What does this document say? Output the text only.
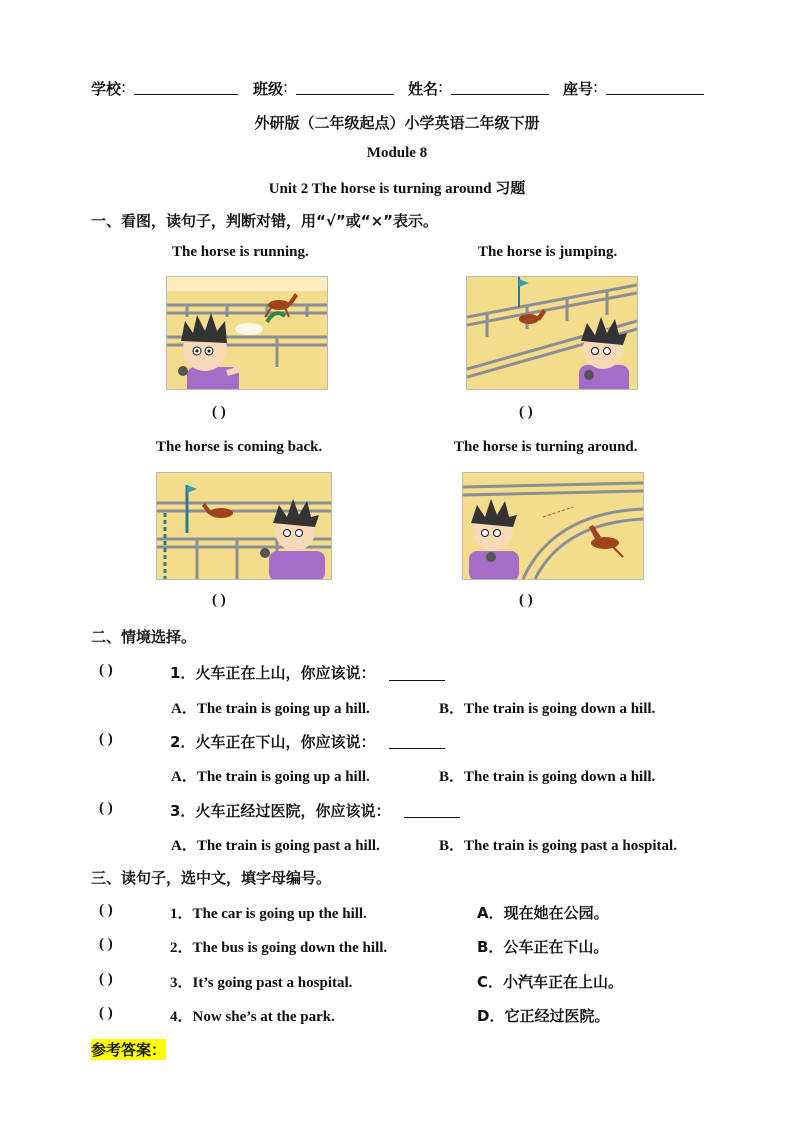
学校 :	班级 :	姓名 :	座号 :
外研版（二年级起点）小学英语二年级下册
Module 8
Unit 2 The horse is turning around 习题
一、看图，读句子，判断对错，用“√”或“×”表示。
The horse is running.	The horse is jumping.
( )	( )
The horse is coming back.	The horse is turning around.
( )	( )
二、情境选择。
( )	1．火车正在上山，你应该说：
A．The train is going up a hill.	B．The train is going down a hill.
( )	2．火车正在下山，你应该说：
A．The train is going up a hill.	B．The train is going down a hill.
( )	3．火车正经过医院，你应该说：
A．The train is going past a hill.	B．The train is going past a hospital.
三、读句子，选中文，填字母编号。
( )	1．The car is going up the hill.	A．现在她在公园。
( )	2．The bus is going down the hill.	B．公车正在下山。
( )	3．It’s going past a hospital.	C．小汽车正在上山。
( )	4．Now she’s at the park.	D．它正经过医院。
参考答案：
